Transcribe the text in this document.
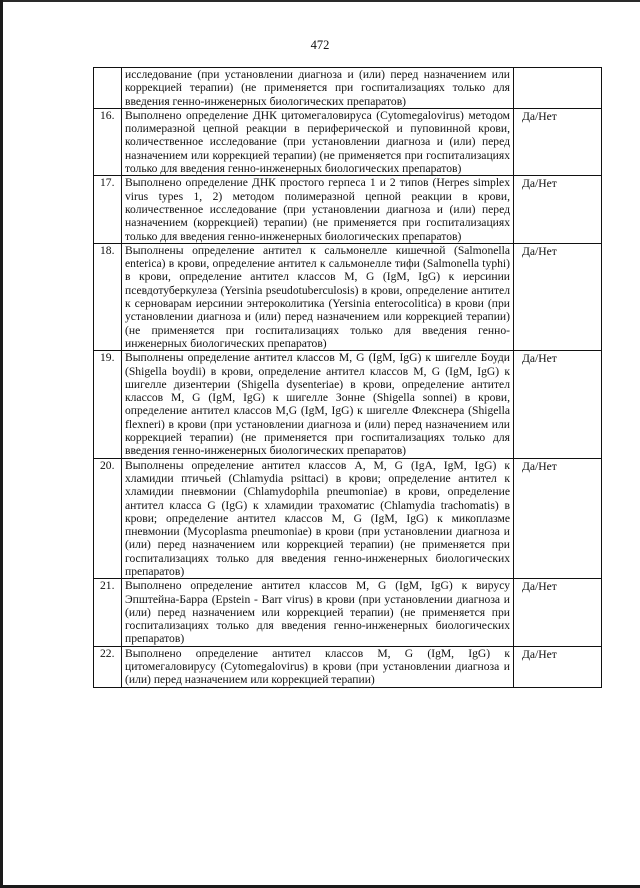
472
	исследование (при установлении диагноза и (или) перед назначением или коррекцией терапии) (не применяется при госпитализациях только для введения генно-инженерных биологических препаратов)	
16.	Выполнено определение ДНК цитомегаловируса (Cytomegalovirus) методом полимеразной цепной реакции в периферической и пуповинной крови, количественное исследование (при установлении диагноза и (или) перед назначением или коррекцией терапии) (не применяется при госпитализациях только для введения генно-инженерных биологических препаратов)	Да/Нет
17.	Выполнено определение ДНК простого герпеса 1 и 2 типов (Herpes simplex virus types 1, 2) методом полимеразной цепной реакции в крови, количественное исследование (при установлении диагноза и (или) перед назначением (коррекцией) терапии) (не применяется при госпитализациях только для введения генно-инженерных биологических препаратов)	Да/Нет
18.	Выполнены определение антител к сальмонелле кишечной (Salmonella enterica) в крови, определение антител к сальмонелле тифи (Salmonella typhi) в крови, определение антител классов M, G (IgM, IgG) к иерсинии псевдотуберкулеза (Yersinia pseudotuberculosis) в крови, определение антител к серноварам иерсинии энтероколитика (Yersinia enterocolitica) в крови (при установлении диагноза и (или) перед назначением или коррекцией терапии) (не применяется при госпитализациях только для введения генно-инженерных биологических препаратов)	Да/Нет
19.	Выполнены определение антител классов M, G (IgM, IgG) к шигелле Боуди (Shigella boydii) в крови, определение антител классов M, G (IgM, IgG) к шигелле дизентерии (Shigella dysenteriae) в крови, определение антител классов M, G (IgM, IgG) к шигелле Зонне (Shigella sonnei) в крови, определение антител классов M,G (IgM, IgG) к шигелле Флекснера (Shigella flexneri) в крови (при установлении диагноза и (или) перед назначением или коррекцией терапии) (не применяется при госпитализациях только для введения генно-инженерных биологических препаратов)	Да/Нет
20.	Выполнены определение антител классов A, M, G (IgA, IgM, IgG) к хламидии птичьей (Chlamydia psittaci) в крови; определение антител к хламидии пневмонии (Chlamydophila pneumoniae) в крови, определение антител класса G (IgG) к хламидии трахоматис (Chlamydia trachomatis) в крови; определение антител классов M, G (IgM, IgG) к микоплазме пневмонии (Mycoplasma pneumoniae) в крови (при установлении диагноза и (или) перед назначением или коррекцией терапии) (не применяется при госпитализациях только для введения генно-инженерных биологических препаратов)	Да/Нет
21.	Выполнено определение антител классов M, G (IgM, IgG) к вирусу Эпштейна-Барра (Epstein - Barr virus) в крови (при установлении диагноза и (или) перед назначением или коррекцией терапии) (не применяется при госпитализациях только для введения генно-инженерных биологических препаратов)	Да/Нет
22.	Выполнено определение антител классов M, G (IgM, IgG) к цитомегаловирусу (Cytomegalovirus) в крови (при установлении диагноза и (или) перед назначением или коррекцией терапии)	Да/Нет
